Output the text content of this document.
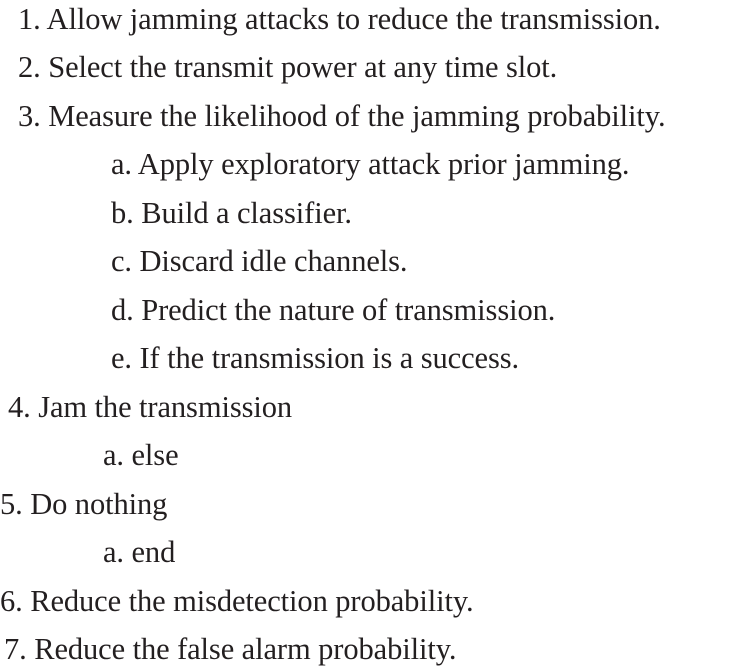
1. Allow jamming attacks to reduce the transmission.
2. Select the transmit power at any time slot.
3. Measure the likelihood of the jamming probability.
a. Apply exploratory attack prior jamming.
b. Build a classifier.
c. Discard idle channels.
d. Predict the nature of transmission.
e. If the transmission is a success.
4. Jam the transmission
a. else
5. Do nothing
a. end
6. Reduce the misdetection probability.
7. Reduce the false alarm probability.
